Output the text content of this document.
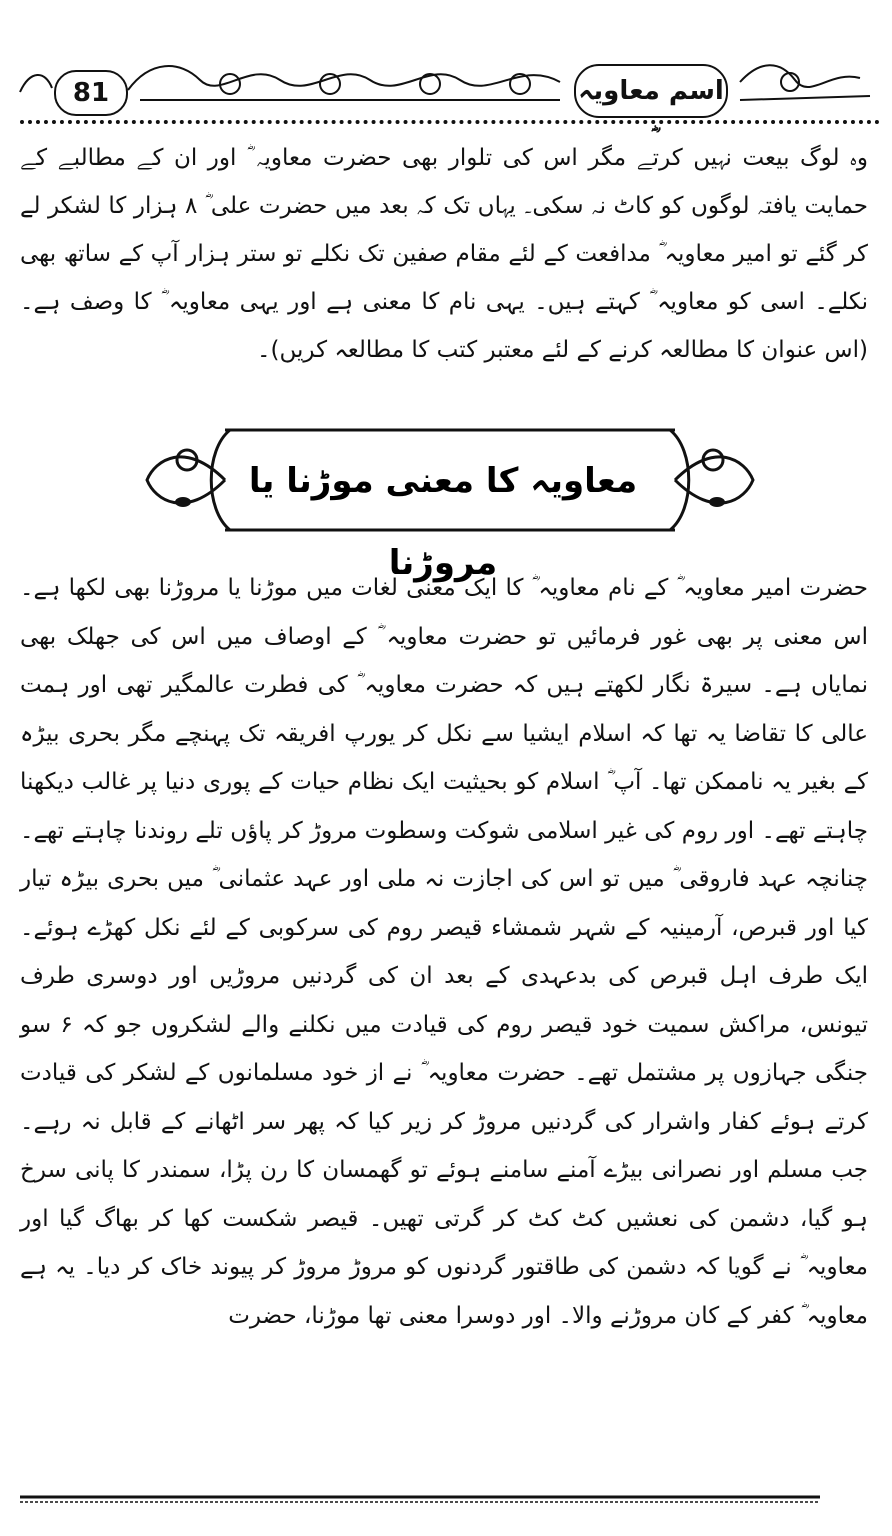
81	اسم معاویہ

وہ لوگ بیعت نہیں کرتے مگر اس کی تلوار بھی حضرت معاویہ ؓ اور ان کے مطالبے کے حمایت یافتہ لوگوں کو کاٹ نہ سکی۔ یہاں تک کہ بعد میں حضرت علی ؓ ۸ ہزار کا لشکر لے کر گئے تو امیر معاویہ ؓ مدافعت کے لئے مقام صفین تک نکلے تو ستر ہزار آپ کے ساتھ بھی نکلے۔ اسی کو معاویہ ؓ کہتے ہیں۔ یہی نام کا معنی ہے اور یہی معاویہ ؓ کا وصف ہے۔ (اس عنوان کا مطالعہ کرنے کے لئے معتبر کتب کا مطالعہ کریں)۔

معاویہ کا معنی موڑنا یا مروڑنا

حضرت امیر معاویہ ؓ کے نام معاویہ ؓ کا ایک معنی لغات میں موڑنا یا مروڑنا بھی لکھا ہے۔ اس معنی پر بھی غور فرمائیں تو حضرت معاویہ ؓ کے اوصاف میں اس کی جھلک بھی نمایاں ہے۔ سیرۃ نگار لکھتے ہیں کہ حضرت معاویہ ؓ کی فطرت عالمگیر تھی اور ہمت عالی کا تقاضا یہ تھا کہ اسلام ایشیا سے نکل کر یورپ افریقہ تک پہنچے مگر بحری بیڑہ کے بغیر یہ ناممکن تھا۔ آپ ؓ اسلام کو بحیثیت ایک نظام حیات کے پوری دنیا پر غالب دیکھنا چاہتے تھے۔ اور روم کی غیر اسلامی شوکت وسطوت مروڑ کر پاؤں تلے روندنا چاہتے تھے۔ چنانچہ عہد فاروقی ؓ میں تو اس کی اجازت نہ ملی اور عہد عثمانی ؓ میں بحری بیڑہ تیار کیا اور قبرص، آرمینیہ کے شہر شمشاء قیصر روم کی سرکوبی کے لئے نکل کھڑے ہوئے۔ ایک طرف اہل قبرص کی بدعہدی کے بعد ان کی گردنیں مروڑیں اور دوسری طرف تیونس، مراکش سمیت خود قیصر روم کی قیادت میں نکلنے والے لشکروں جو کہ ۶ سو جنگی جہازوں پر مشتمل تھے۔ حضرت معاویہ ؓ نے از خود مسلمانوں کے لشکر کی قیادت کرتے ہوئے کفار واشرار کی گردنیں مروڑ کر زیر کیا کہ پھر سر اٹھانے کے قابل نہ رہے۔ جب مسلم اور نصرانی بیڑے آمنے سامنے ہوئے تو گھمسان کا رن پڑا، سمندر کا پانی سرخ ہو گیا، دشمن کی نعشیں کٹ کٹ کر گرتی تھیں۔ قیصر شکست کھا کر بھاگ گیا اور معاویہ ؓ نے گویا کہ دشمن کی طاقتور گردنوں کو مروڑ مروڑ کر پیوند خاک کر دیا۔ یہ ہے معاویہ ؓ کفر کے کان مروڑنے والا۔ اور دوسرا معنی تھا موڑنا، حضرت
